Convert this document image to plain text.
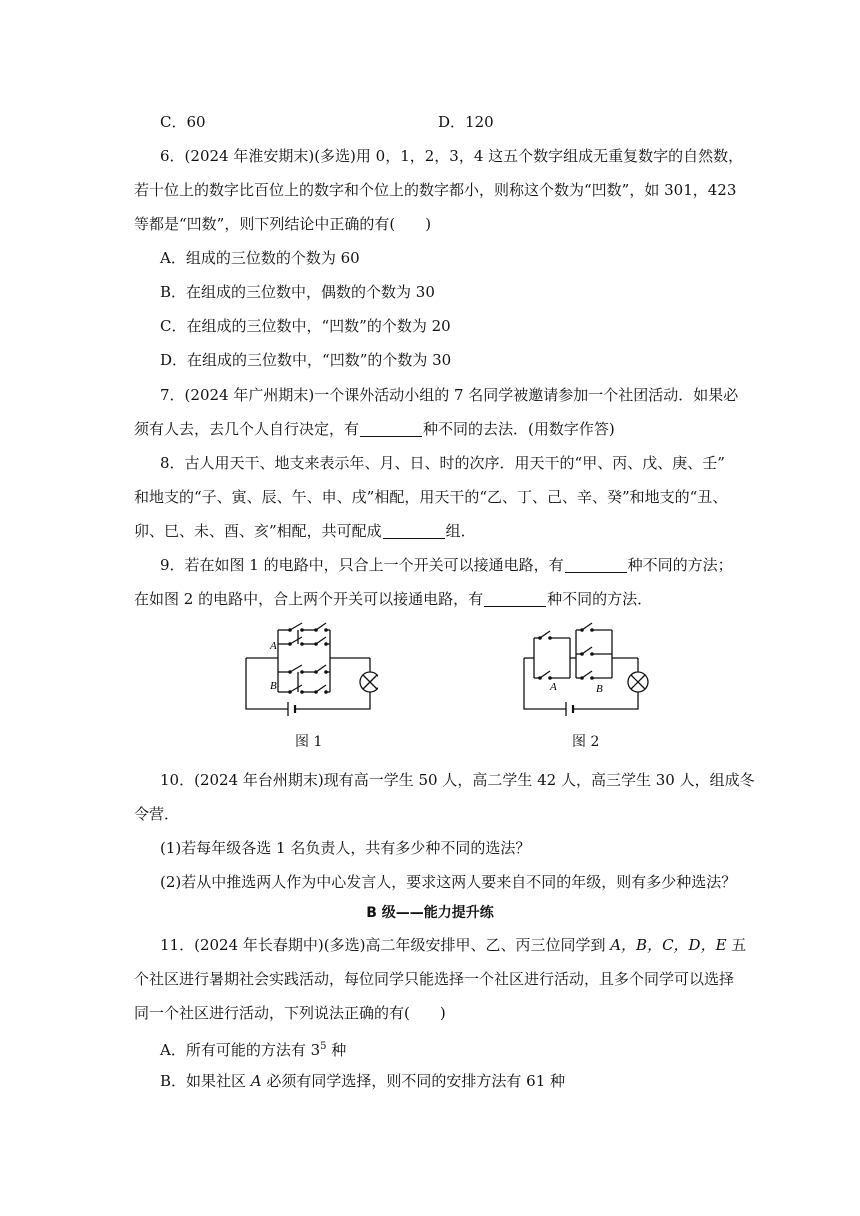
C．60	D．120
6．(2024 年淮安期末)(多选)用 0，1，2，3，4 这五个数字组成无重复数字的自然数，
若十位上的数字比百位上的数字和个位上的数字都小，则称这个数为“凹数”，如 301，423
等都是“凹数”，则下列结论中正确的有( )
A．组成的三位数的个数为 60
B．在组成的三位数中，偶数的个数为 30
C．在组成的三位数中，“凹数”的个数为 20
D．在组成的三位数中，“凹数”的个数为 30
7．(2024 年广州期末)一个课外活动小组的 7 名同学被邀请参加一个社团活动．如果必
须有人去，去几个人自行决定，有	种不同的去法．(用数字作答)
8．古人用天干、地支来表示年、月、日、时的次序．用天干的“甲、丙、戊、庚、壬”
和地支的“子、寅、辰、午、申、戌”相配，用天干的“乙、丁、己、辛、癸”和地支的“丑、
卯、巳、未、酉、亥”相配，共可配成	组．
9．若在如图 1 的电路中，只合上一个开关可以接通电路，有	种不同的方法；
在如图 2 的电路中，合上两个开关可以接通电路，有	种不同的方法．
A
B
图 1
A	B
图 2
10．(2024 年台州期末)现有高一学生 50 人，高二学生 42 人，高三学生 30 人，组成冬
令营．
(1)若每年级各选 1 名负责人，共有多少种不同的选法？
(2)若从中推选两人作为中心发言人，要求这两人要来自不同的年级，则有多少种选法？
B 级——能力提升练
11．(2024 年长春期中)(多选)高二年级安排甲、乙、丙三位同学到 A，B，C，D，E 五
个社区进行暑期社会实践活动，每位同学只能选择一个社区进行活动，且多个同学可以选择
同一个社区进行活动，下列说法正确的有( )
A．所有可能的方法有 $3^5$ 种
B．如果社区 A 必须有同学选择，则不同的安排方法有 61 种
